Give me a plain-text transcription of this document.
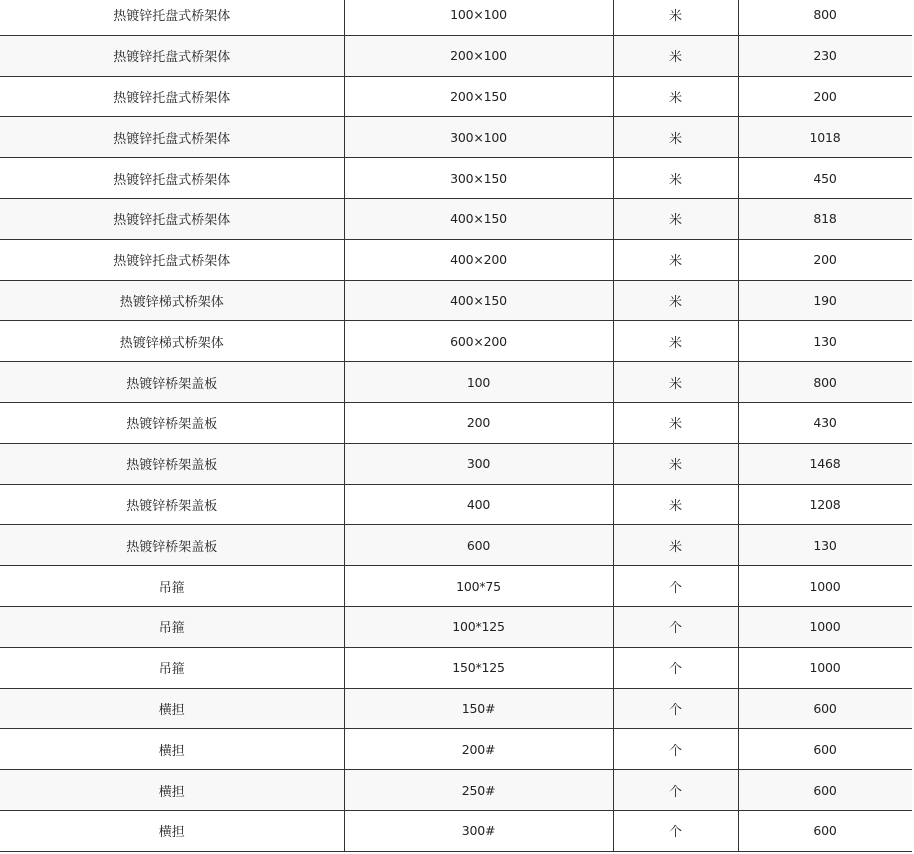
热镀锌托盘式桥架体	100×100	米	800
热镀锌托盘式桥架体	200×100	米	230
热镀锌托盘式桥架体	200×150	米	200
热镀锌托盘式桥架体	300×100	米	1018
热镀锌托盘式桥架体	300×150	米	450
热镀锌托盘式桥架体	400×150	米	818
热镀锌托盘式桥架体	400×200	米	200
热镀锌梯式桥架体	400×150	米	190
热镀锌梯式桥架体	600×200	米	130
热镀锌桥架盖板	100	米	800
热镀锌桥架盖板	200	米	430
热镀锌桥架盖板	300	米	1468
热镀锌桥架盖板	400	米	1208
热镀锌桥架盖板	600	米	130
吊箍	100*75	个	1000
吊箍	100*125	个	1000
吊箍	150*125	个	1000
横担	150#	个	600
横担	200#	个	600
横担	250#	个	600
横担	300#	个	600
